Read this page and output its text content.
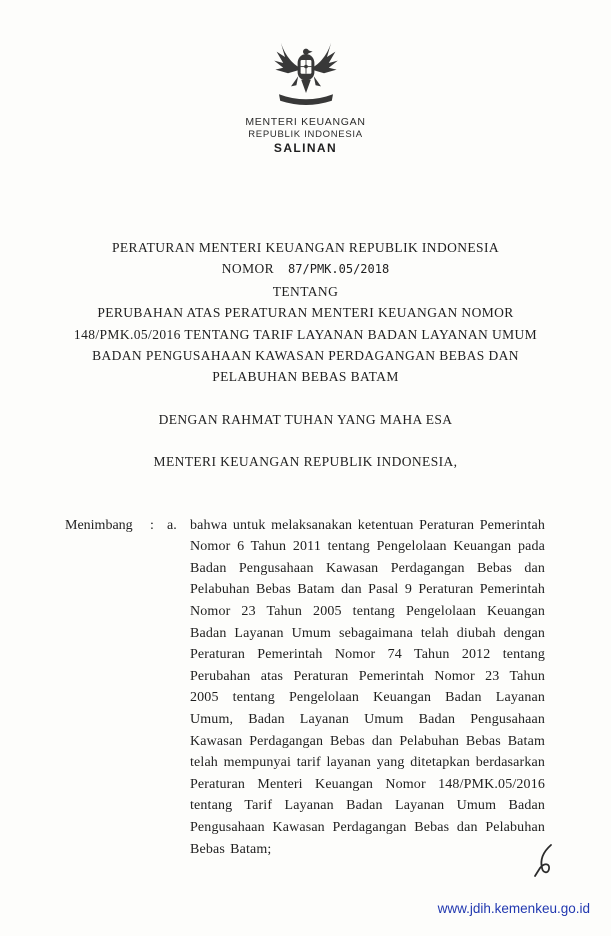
MENTERI KEUANGAN
REPUBLIK INDONESIA
SALINAN
PERATURAN MENTERI KEUANGAN REPUBLIK INDONESIA
NOMOR 87/PMK.05/2018
TENTANG
PERUBAHAN ATAS PERATURAN MENTERI KEUANGAN NOMOR
148/PMK.05/2016 TENTANG TARIF LAYANAN BADAN LAYANAN UMUM
BADAN PENGUSAHAAN KAWASAN PERDAGANGAN BEBAS DAN
PELABUHAN BEBAS BATAM
DENGAN RAHMAT TUHAN YANG MAHA ESA
MENTERI KEUANGAN REPUBLIK INDONESIA,
Menimbang	: a. bahwa untuk melaksanakan ketentuan Peraturan Pemerintah Nomor 6 Tahun 2011 tentang Pengelolaan Keuangan pada Badan Pengusahaan Kawasan Perdagangan Bebas dan Pelabuhan Bebas Batam dan Pasal 9 Peraturan Pemerintah Nomor 23 Tahun 2005 tentang Pengelolaan Keuangan Badan Layanan Umum sebagaimana telah diubah dengan Peraturan Pemerintah Nomor 74 Tahun 2012 tentang Perubahan atas Peraturan Pemerintah Nomor 23 Tahun 2005 tentang Pengelolaan Keuangan Badan Layanan Umum, Badan Layanan Umum Badan Pengusahaan Kawasan Perdagangan Bebas dan Pelabuhan Bebas Batam telah mempunyai tarif layanan yang ditetapkan berdasarkan Peraturan Menteri Keuangan Nomor 148/PMK.05/2016 tentang Tarif Layanan Badan Layanan Umum Badan Pengusahaan Kawasan Perdagangan Bebas dan Pelabuhan Bebas Batam;

www.jdih.kemenkeu.go.id
